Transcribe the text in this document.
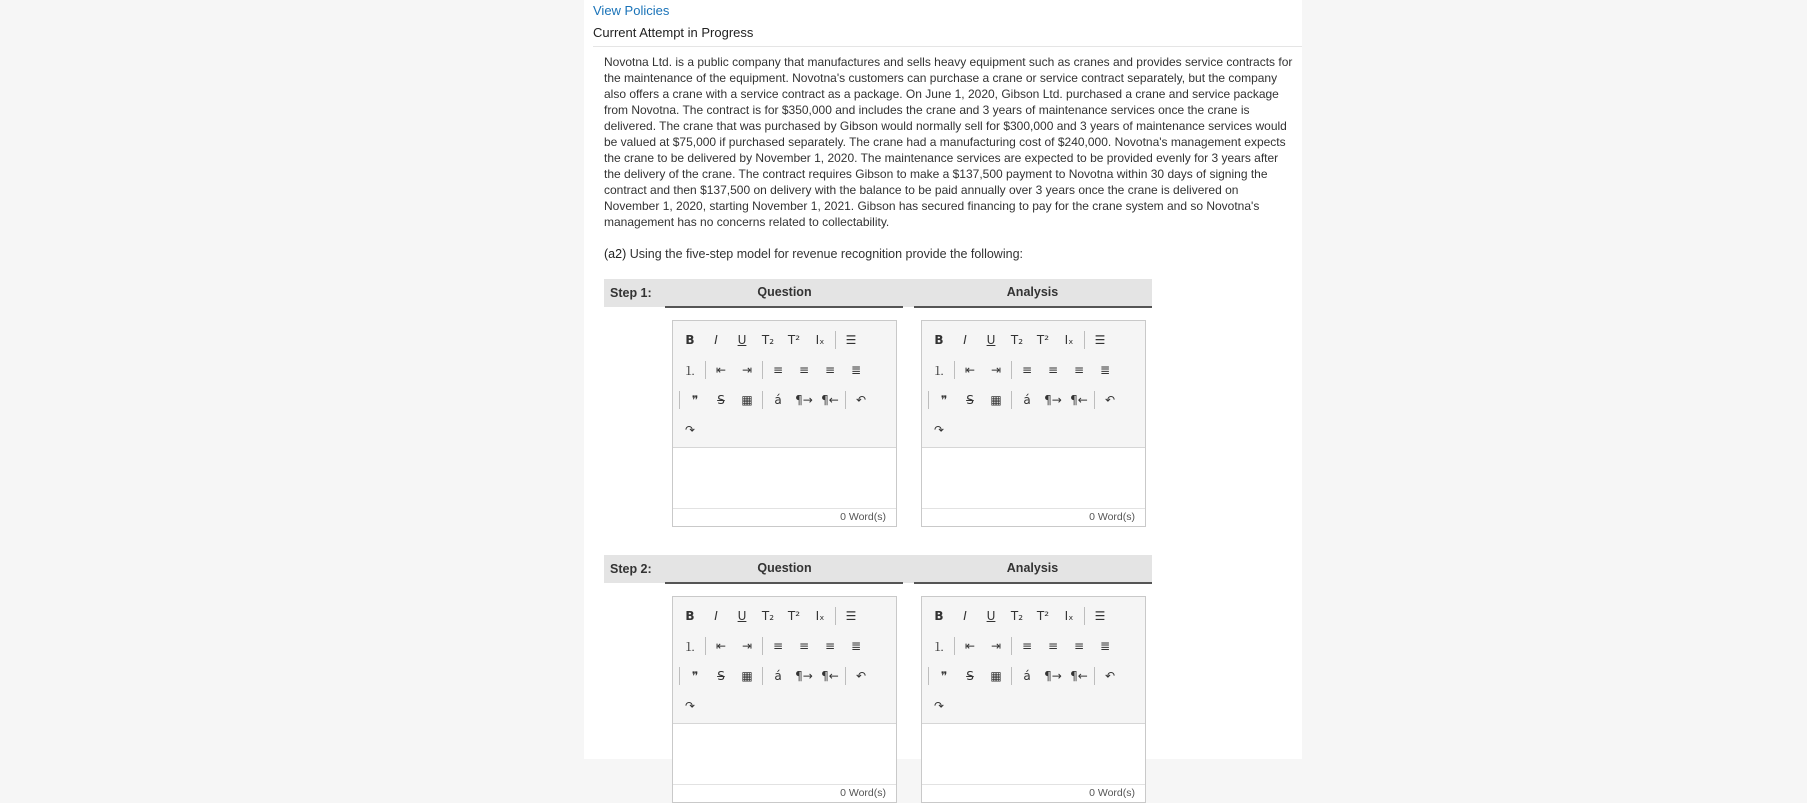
View Policies
Current Attempt in Progress
Novotna Ltd. is a public company that manufactures and sells heavy equipment such as cranes and provides service contracts for the maintenance of the equipment. Novotna's customers can purchase a crane or service contract separately, but the company also offers a crane with a service contract as a package. On June 1, 2020, Gibson Ltd. purchased a crane and service package from Novotna. The contract is for $350,000 and includes the crane and 3 years of maintenance services once the crane is delivered. The crane that was purchased by Gibson would normally sell for $300,000 and 3 years of maintenance services would be valued at $75,000 if purchased separately. The crane had a manufacturing cost of $240,000. Novotna's management expects the crane to be delivered by November 1, 2020. The maintenance services are expected to be provided evenly for 3 years after the delivery of the crane. The contract requires Gibson to make a $137,500 payment to Novotna within 30 days of signing the contract and then $137,500 on delivery with the balance to be paid annually over 3 years once the crane is delivered on November 1, 2020, starting November 1, 2021. Gibson has secured financing to pay for the crane system and so Novotna's management has no concerns related to collectability.
(a2) Using the five-step model for revenue recognition provide the following:
Step 1:	Question	Analysis
B	I	U	T₂	T²	Iₓ	☰
⒈	⇤	⇥	≡	≡	≡	≣
❞	S̶	▦	á	¶→ ¶←	↶
↷
0 Word(s)
B	I	U	T₂	T²	Iₓ	☰
⒈	⇤	⇥	≡	≡	≡	≣
❞	S̶	▦	á	¶→ ¶←	↶
↷
0 Word(s)
Step 2:	Question	Analysis
B	I	U	T₂	T²	Iₓ	☰
⒈	⇤	⇥	≡	≡	≡	≣
❞	S̶	▦	á	¶→ ¶←	↶
↷
0 Word(s)
B	I	U	T₂	T²	Iₓ	☰
⒈	⇤	⇥	≡	≡	≡	≣
❞	S̶	▦	á	¶→ ¶←	↶
↷
0 Word(s)
